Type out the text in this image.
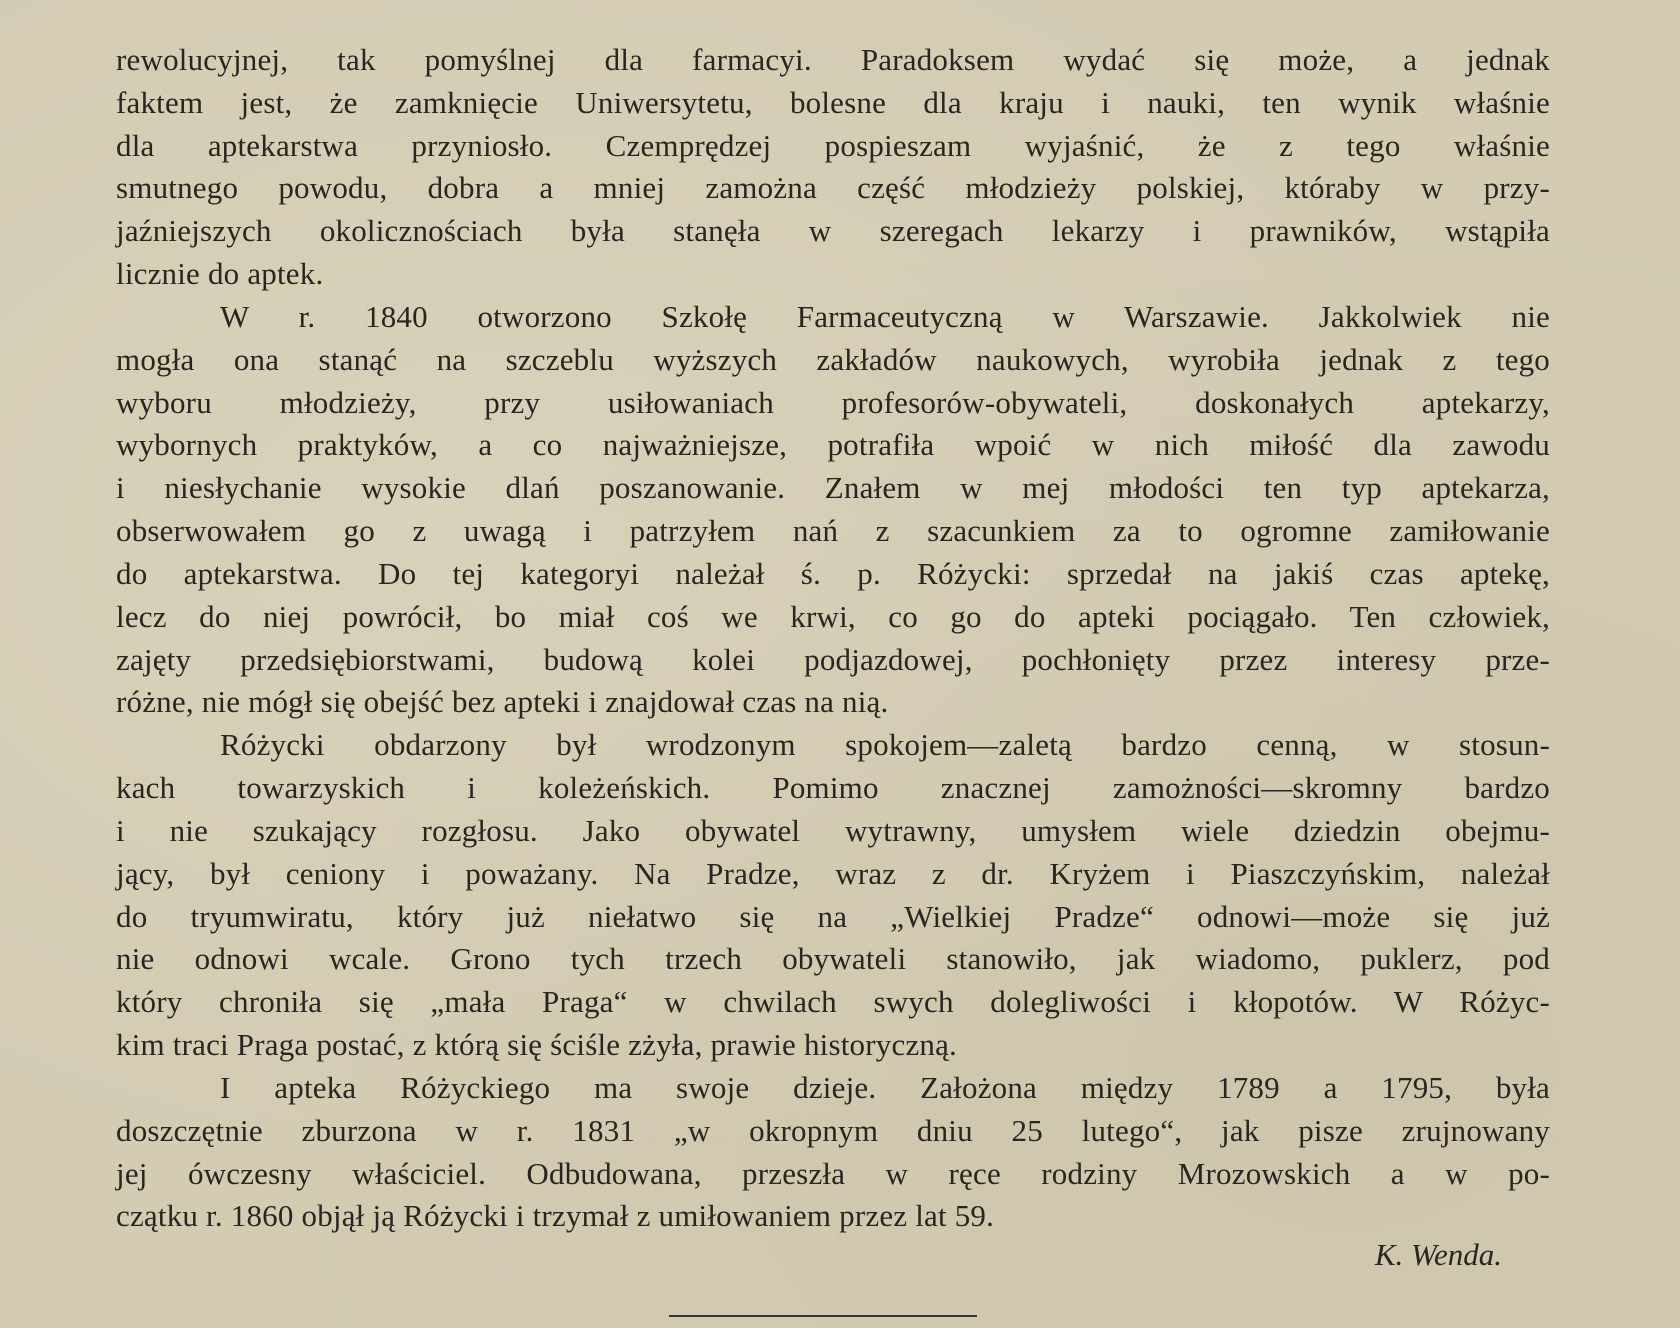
rewolucyjnej, tak pomyślnej dla farmacyi. Paradoksem wydać się może, a jednak
faktem jest, że zamknięcie Uniwersytetu, bolesne dla kraju i nauki, ten wynik właśnie
dla aptekarstwa przyniosło. Czemprędzej pospieszam wyjaśnić, że z tego właśnie
smutnego powodu, dobra a mniej zamożna część młodzieży polskiej, którаby w przy-
jaźniejszych okolicznościach była stanęła w szeregach lekarzy i prawników, wstąpiła
licznie do aptek.
W r. 1840 otworzono Szkołę Farmaceutyczną w Warszawie. Jakkolwiek nie
mogła ona stanąć na szczeblu wyższych zakładów naukowych, wyrobiła jednak z tego
wyboru młodzieży, przy usiłowaniach profesorów-obywateli, doskonałych aptekarzy,
wybornych praktyków, a co najważniejsze, potrafiła wpoić w nich miłość dla zawodu
i niesłychanie wysokie dlań poszanowanie. Znałem w mej młodości ten typ aptekarza,
obserwowałem go z uwagą i patrzyłem nań z szacunkiem za to ogromne zamiłowanie
do aptekarstwa. Do tej kategoryi należał ś. p. Różycki: sprzedał na jakiś czas aptekę,
lecz do niej powrócił, bo miał coś we krwi, co go do apteki pociągało. Ten człowiek,
zajęty przedsiębiorstwami, budową kolei podjazdowej, pochłonięty przez interesy prze-
różne, nie mógł się obejść bez apteki i znajdował czas na nią.
Różycki obdarzony był wrodzonym spokojem—zaletą bardzo cenną, w stosun-
kach towarzyskich i koleżeńskich. Pomimo znacznej zamożności—skromny bardzo
i nie szukający rozgłosu. Jako obywatel wytrawny, umysłem wiele dziedzin obejmu-
jący, był ceniony i poważany. Na Pradze, wraz z dr. Kryżem i Piaszczyńskim, należał
do tryumwiratu, który już niełatwo się na „Wielkiej Pradze“ odnowi—może się już
nie odnowi wcale. Grono tych trzech obywateli stanowiło, jak wiadomo, puklerz, pod
który chroniła się „mała Praga“ w chwilach swych dolegliwości i kłopotów. W Różyc-
kim traci Praga postać, z którą się ściśle zżyła, prawie historyczną.
I apteka Różyckiego ma swoje dzieje. Założona między 1789 a 1795, była
doszczętnie zburzona w r. 1831 „w okropnym dniu 25 lutego“, jak pisze zrujnowany
jej ówczesny właściciel. Odbudowana, przeszła w ręce rodziny Mrozowskich a w po-
czątku r. 1860 objął ją Różycki i trzymał z umiłowaniem przez lat 59.
K. Wenda.
